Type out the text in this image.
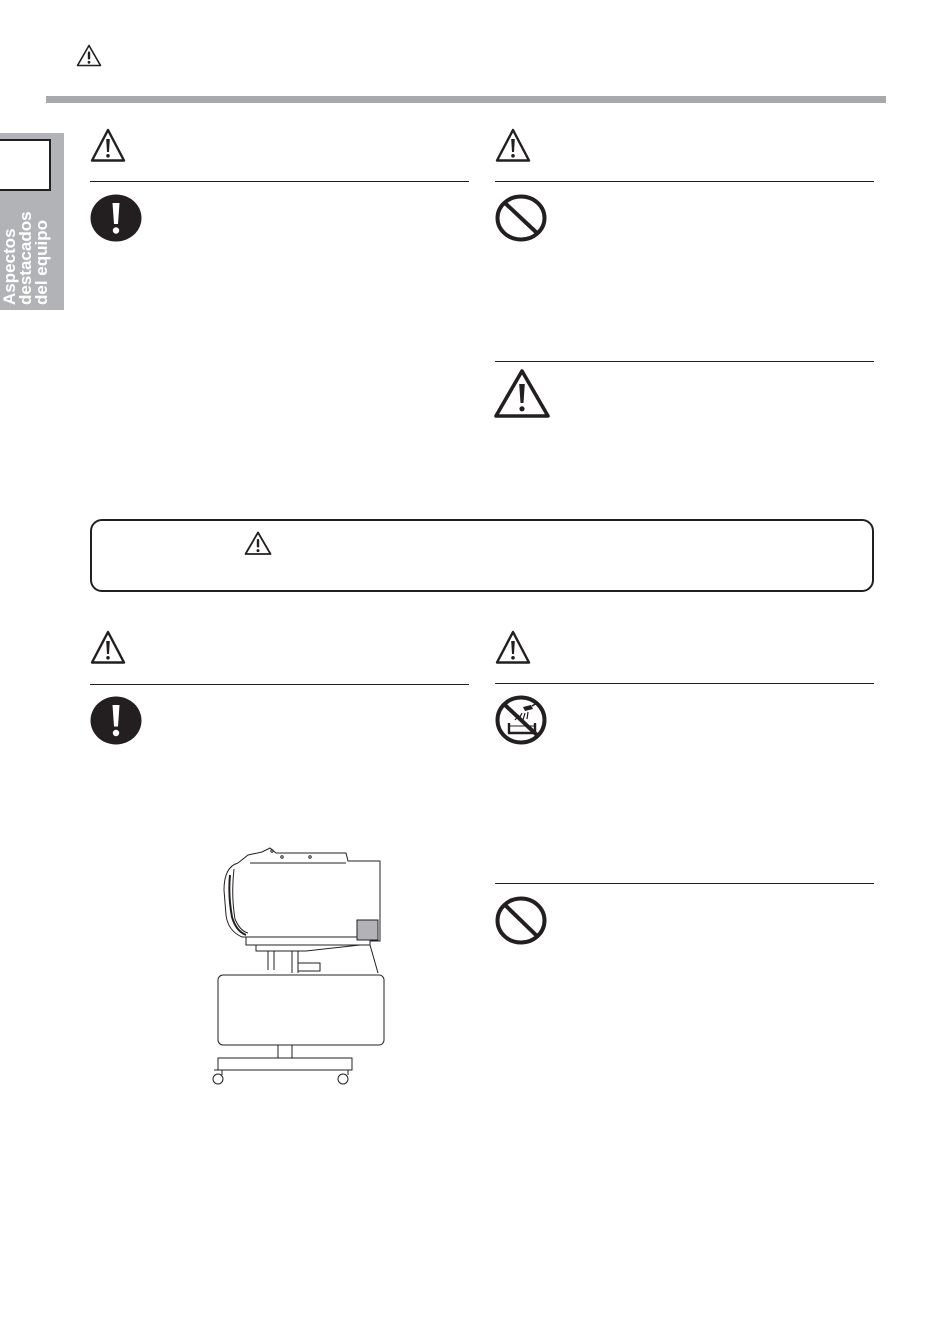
Aspectos
destacados
del equipo
